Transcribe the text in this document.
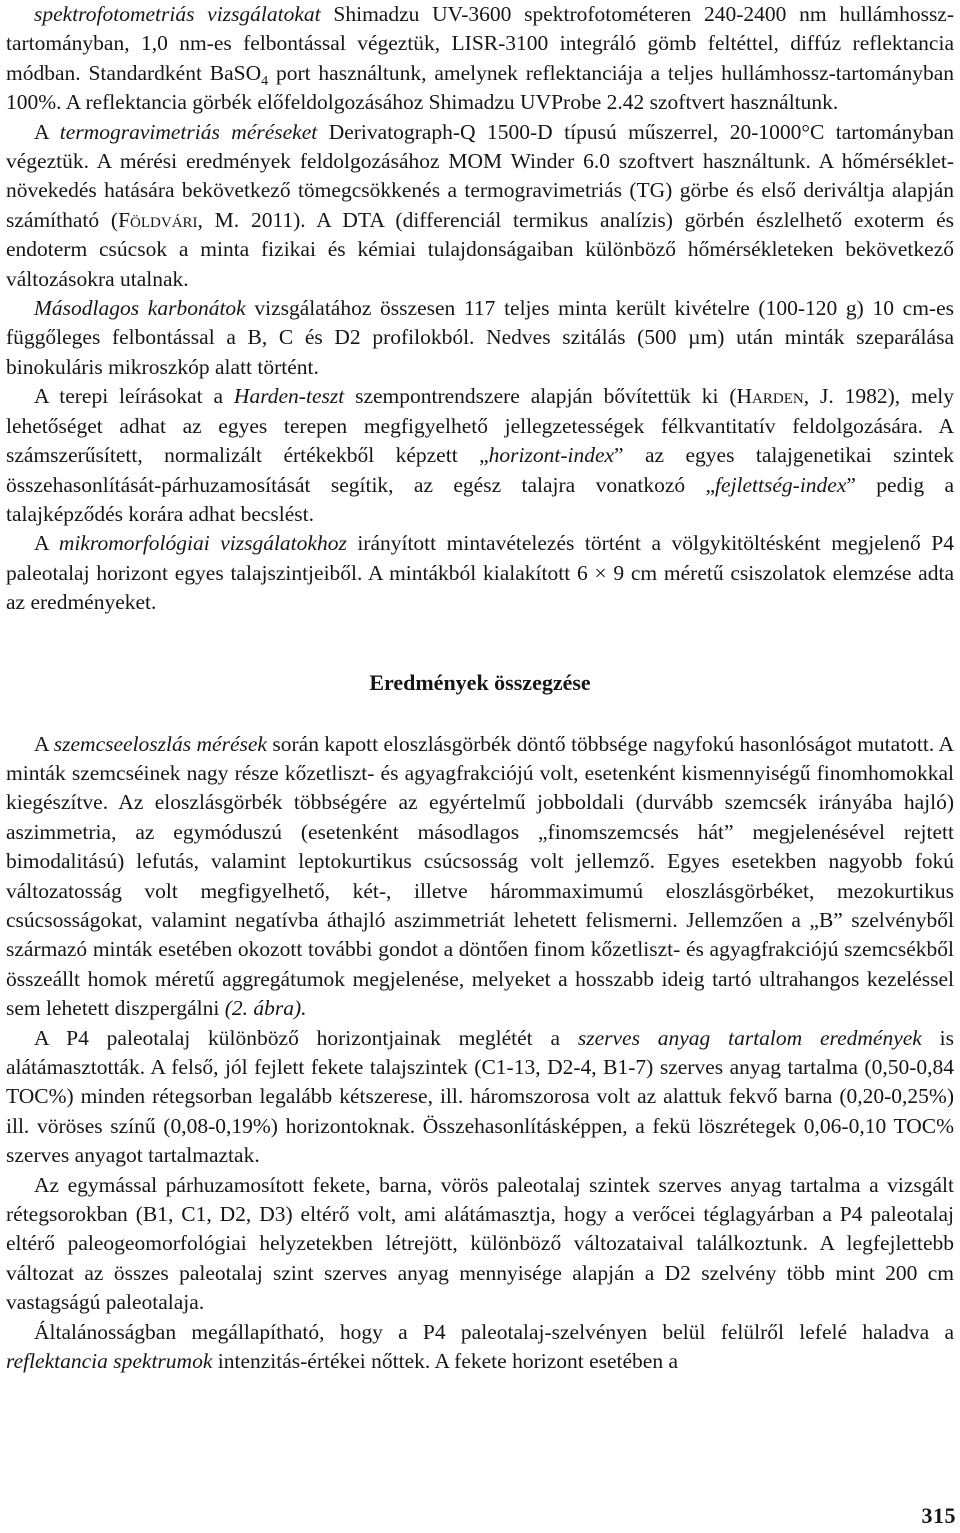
spektrofotometriás vizsgálatokat Shimadzu UV-3600 spektrofotométeren 240-2400 nm hullámhossz-tartományban, 1,0 nm-es felbontással végeztük, LISR-3100 integráló gömb feltéttel, diffúz reflektancia módban. Standardként BaSO$_4$ port használtunk, amelynek reflektanciája a teljes hullámhossz-tartományban 100%. A reflektancia görbék előfeldolgozásához Shimadzu UVProbe 2.42 szoftvert használtunk.

A termogravimetriás méréseket Derivatograph-Q 1500-D típusú műszerrel, 20-1000°C tartományban végeztük. A mérési eredmények feldolgozásához MOM Winder 6.0 szoftvert használtunk. A hőmérséklet-növekedés hatására bekövetkező tömegcsökkenés a termogravimetriás (TG) görbe és első deriváltja alapján számítható (Földvári, M. 2011). A DTA (differenciál termikus analízis) görbén észlelhető exoterm és endoterm csúcsok a minta fizikai és kémiai tulajdonságaiban különböző hőmérsékleteken bekövetkező változásokra utalnak.

Másodlagos karbonátok vizsgálatához összesen 117 teljes minta került kivételre (100-120 g) 10 cm-es függőleges felbontással a B, C és D2 profilokból. Nedves szitálás (500 µm) után minták szeparálása binokuláris mikroszkóp alatt történt.

A terepi leírásokat a Harden-teszt szempontrendszere alapján bővítettük ki (Harden, J. 1982), mely lehetőséget adhat az egyes terepen megfigyelhető jellegzetességek félkvantitatív feldolgozására. A számszerűsített, normalizált értékekből képzett „horizont-index” az egyes talajgenetikai szintek összehasonlítását-párhuzamosítását segítik, az egész talajra vonatkozó „fejlettség-index” pedig a talajképződés korára adhat becslést.

A mikromorfológiai vizsgálatokhoz irányított mintavételezés történt a völgykitöltésként megjelenő P4 paleotalaj horizont egyes talajszintjeiből. A mintákból kialakított 6 × 9 cm méretű csiszolatok elemzése adta az eredményeket.

Eredmények összegzése

A szemcseeloszlás mérések során kapott eloszlásgörbék döntő többsége nagyfokú hasonlóságot mutatott. A minták szemcséinek nagy része kőzetliszt- és agyagfrakciójú volt, esetenként kismennyiségű finomhomokkal kiegészítve. Az eloszlásgörbék többségére az egyértelmű jobboldali (durvább szemcsék irányába hajló) aszimmetria, az egymóduszú (esetenként másodlagos „finomszemcsés hát” megjelenésével rejtett bimodalitású) lefutás, valamint leptokurtikus csúcsosság volt jellemző. Egyes esetekben nagyobb fokú változatosság volt megfigyelhető, két-, illetve hárommaximumú eloszlásgörbéket, mezokurtikus csúcsosságokat, valamint negatívba áthajló aszimmetriát lehetett felismerni. Jellemzően a „B” szelvényből származó minták esetében okozott további gondot a döntően finom kőzetliszt- és agyagfrakciójú szemcsékből összeállt homok méretű aggregátumok megjelenése, melyeket a hosszabb ideig tartó ultrahangos kezeléssel sem lehetett diszpergálni (2. ábra).

A P4 paleotalaj különböző horizontjainak meglétét a szerves anyag tartalom eredmények is alátámasztották. A felső, jól fejlett fekete talajszintek (C1-13, D2-4, B1-7) szerves anyag tartalma (0,50-0,84 TOC%) minden rétegsorban legalább kétszerese, ill. háromszorosa volt az alattuk fekvő barna (0,20-0,25%) ill. vöröses színű (0,08-0,19%) horizontoknak. Összehasonlításképpen, a fekü löszrétegek 0,06-0,10 TOC% szerves anyagot tartalmaztak.

Az egymással párhuzamosított fekete, barna, vörös paleotalaj szintek szerves anyag tartalma a vizsgált rétegsorokban (B1, C1, D2, D3) eltérő volt, ami alátámasztja, hogy a verőcei téglagyárban a P4 paleotalaj eltérő paleogeomorfológiai helyzetekben létrejött, különböző változataival találkoztunk. A legfejlettebb változat az összes paleotalaj szint szerves anyag mennyisége alapján a D2 szelvény több mint 200 cm vastagságú paleotalaja.

Általánosságban megállapítható, hogy a P4 paleotalaj-szelvényen belül felülről lefelé haladva a reflektancia spektrumok intenzitás-értékei nőttek. A fekete horizont esetében a

315
